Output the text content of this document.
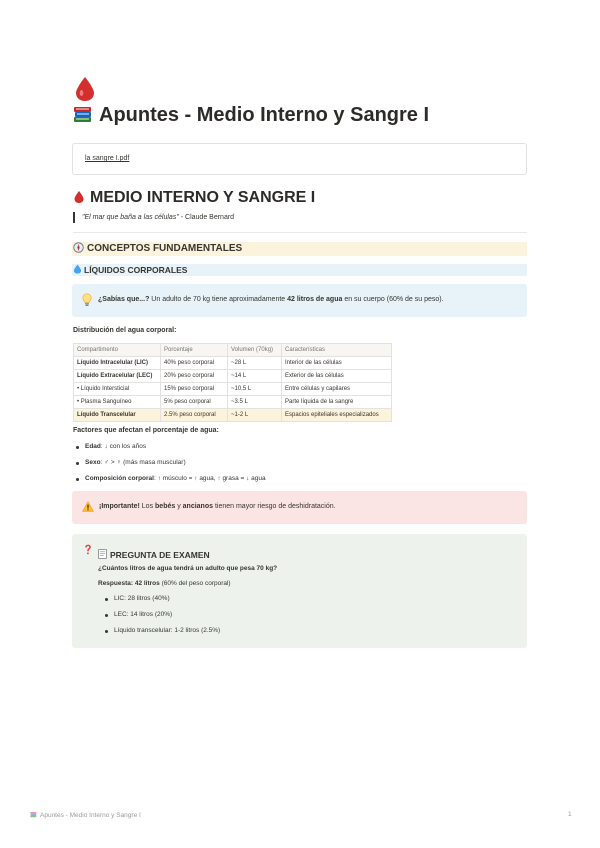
Apuntes - Medio Interno y Sangre I
la sangre I.pdf
MEDIO INTERNO Y SANGRE I
"El mar que baña a las células" - Claude Bernard
CONCEPTOS FUNDAMENTALES
LÍQUIDOS CORPORALES
¿Sabías que...? Un adulto de 70 kg tiene aproximadamente 42 litros de agua en su cuerpo (60% de su peso).
Distribución del agua corporal:
Compartimento	Porcentaje	Volumen (70kg)	Características
Líquido Intracelular (LIC)	40% peso corporal	~28 L	Interior de las células
Líquido Extracelular (LEC)	20% peso corporal	~14 L	Exterior de las células
• Líquido Intersticial	15% peso corporal	~10.5 L	Entre células y capilares
• Plasma Sanguíneo	5% peso corporal	~3.5 L	Parte líquida de la sangre
Líquido Transcelular	2.5% peso corporal	~1-2 L	Espacios epiteliales especializados
Factores que afectan el porcentaje de agua:
Edad: ↓ con los años
Sexo: ♂ > ♀ (más masa muscular)
Composición corporal: ↑ músculo = ↑ agua, ↑ grasa = ↓ agua
¡Importante! Los bebés y ancianos tienen mayor riesgo de deshidratación.
PREGUNTA DE EXAMEN
¿Cuántos litros de agua tendrá un adulto que pesa 70 kg?
Respuesta: 42 litros (60% del peso corporal)
LIC: 28 litros (40%)
LEC: 14 litros (20%)
Líquido transcelular: 1-2 litros (2.5%)
Apuntes - Medio Interno y Sangre I	1
